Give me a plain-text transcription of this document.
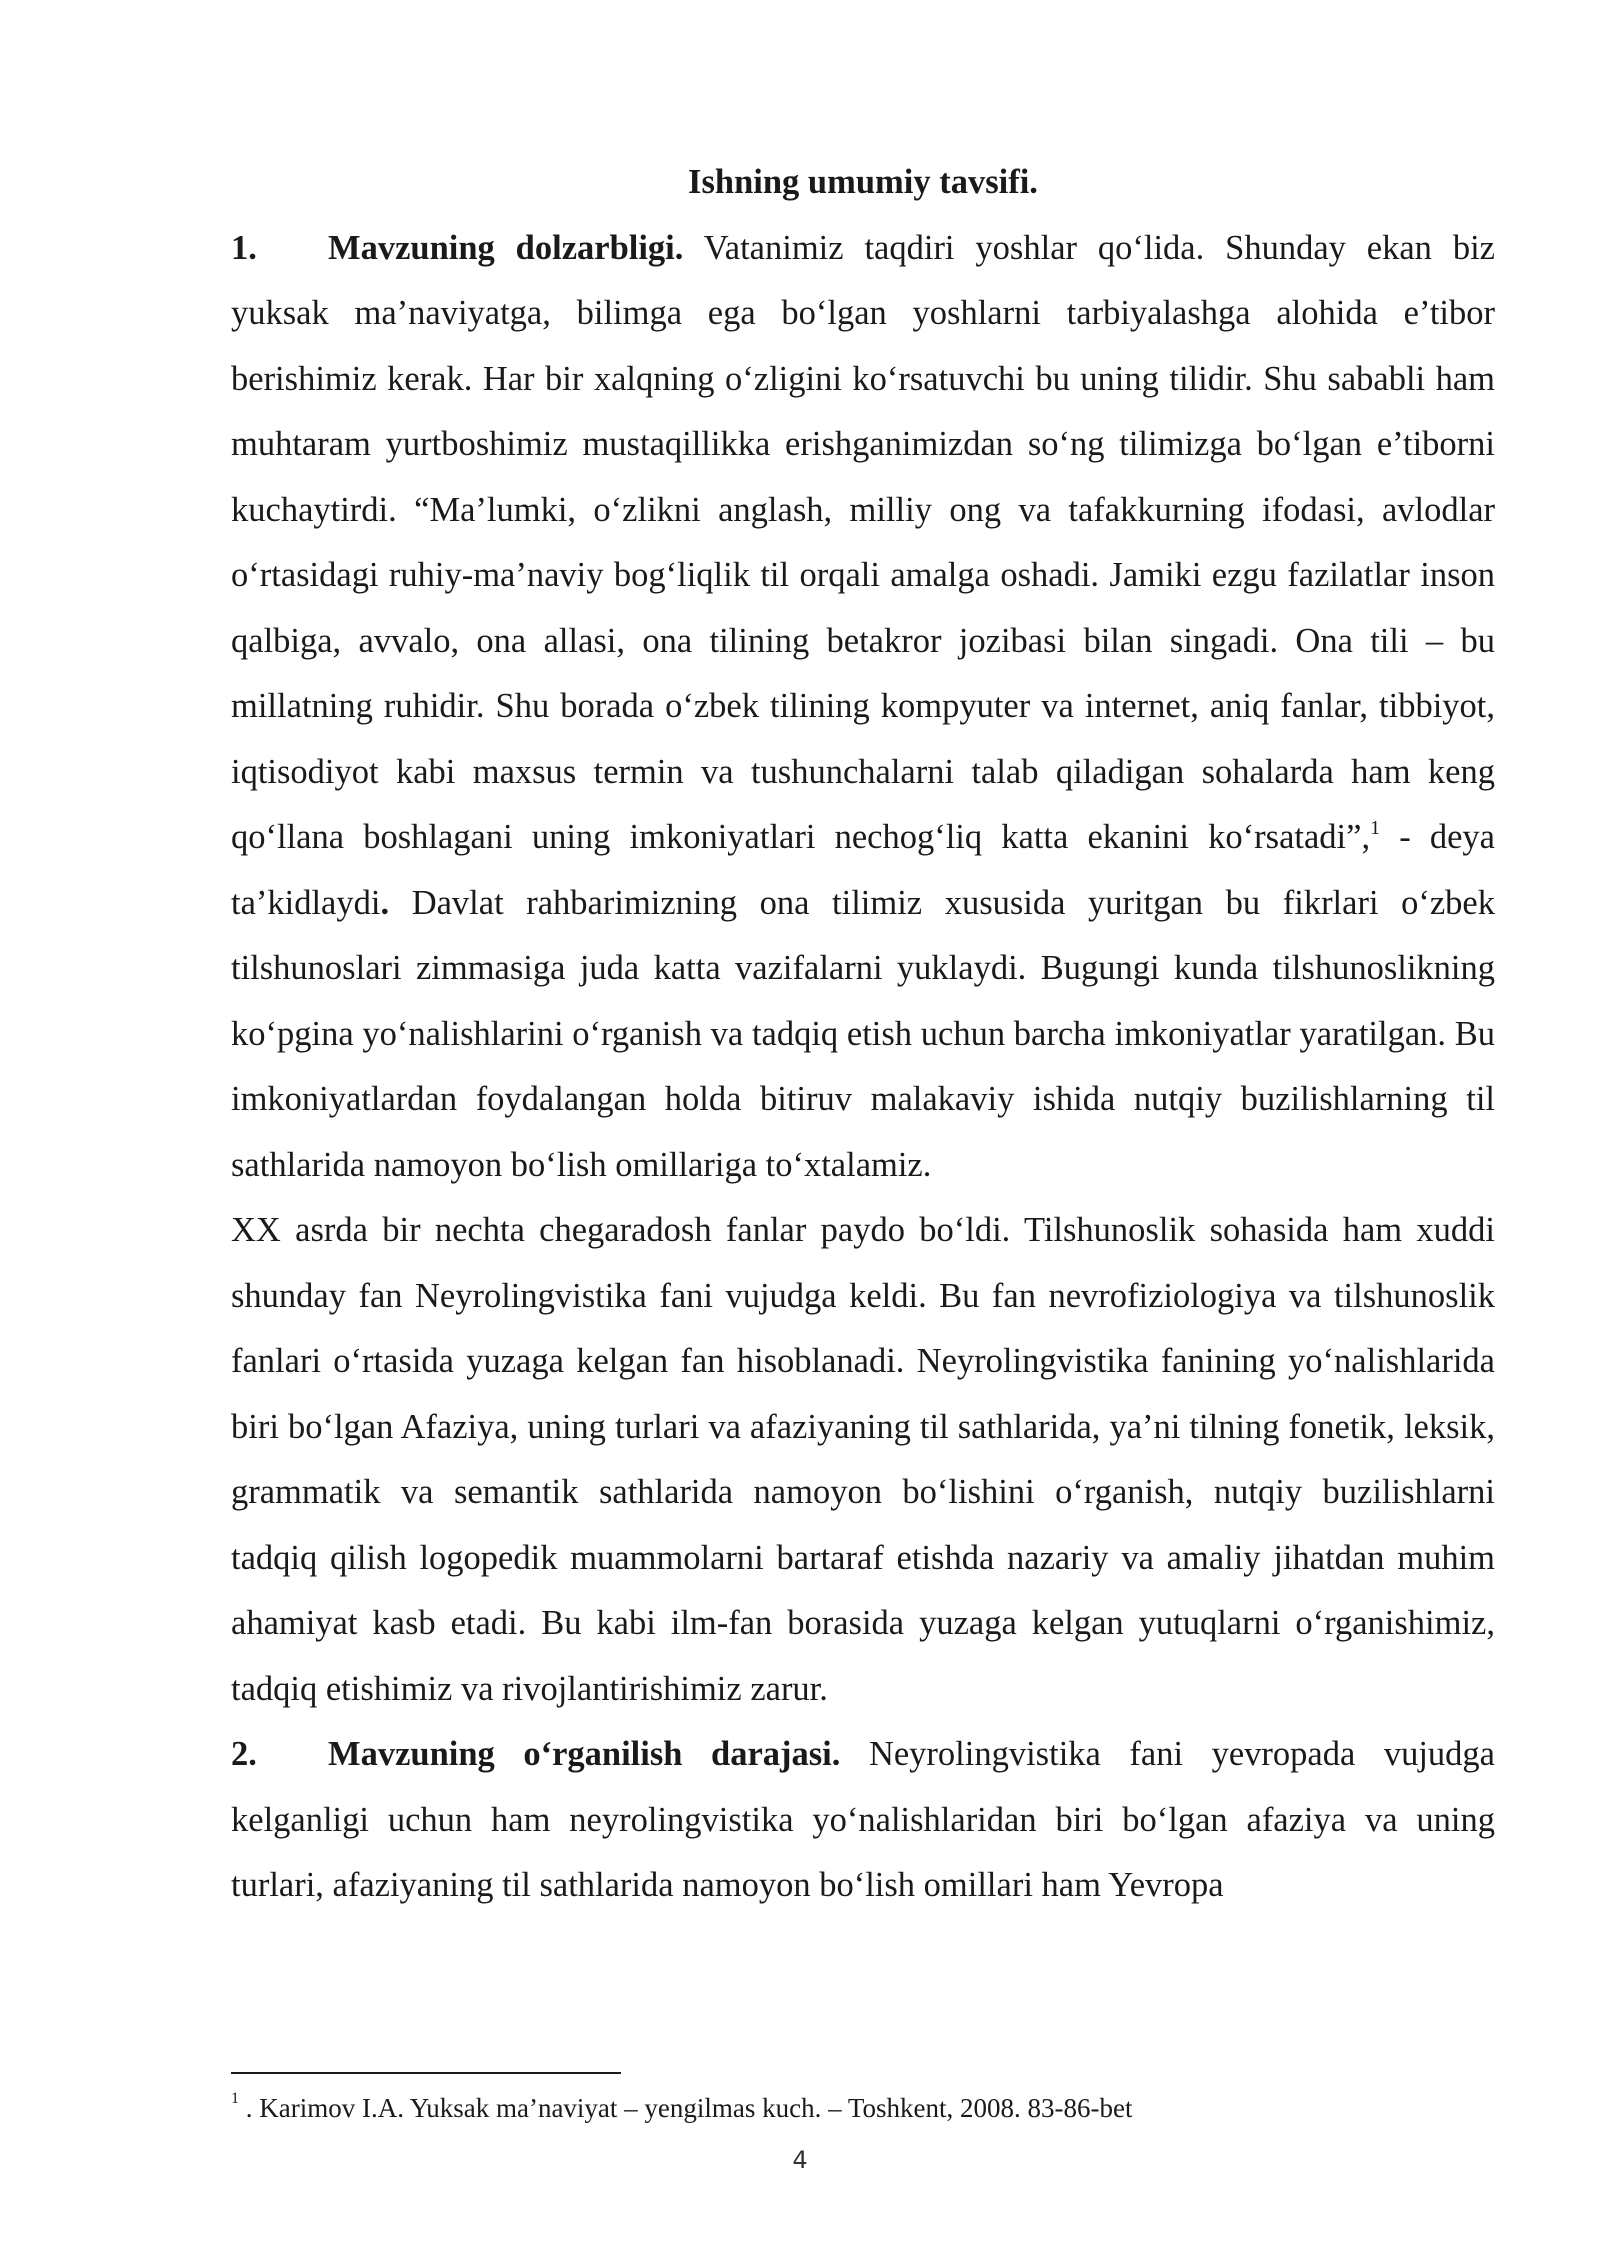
Ishning umumiy tavsifi.

1. Mavzuning dolzarbligi. Vatanimiz taqdiri yoshlar qo‘lida. Shunday ekan biz yuksak ma’naviyatga, bilimga ega bo‘lgan yoshlarni tarbiyalashga alohida e’tibor berishimiz kerak. Har bir xalqning o‘zligini ko‘rsatuvchi bu uning tilidir. Shu sababli ham muhtaram yurtboshimiz mustaqillikka erishganimizdan so‘ng tilimizga bo‘lgan e’tiborni kuchaytirdi. “Ma’lumki, o‘zlikni anglash, milliy ong va tafakkurning ifodasi, avlodlar o‘rtasidagi ruhiy-ma’naviy bog‘liqlik til orqali amalga oshadi. Jamiki ezgu fazilatlar inson qalbiga, avvalo, ona allasi, ona tilining betakror jozibasi bilan singadi. Ona tili – bu millatning ruhidir. Shu borada o‘zbek tilining kompyuter va internet, aniq fanlar, tibbiyot, iqtisodiyot kabi maxsus termin va tushunchalarni talab qiladigan sohalarda ham keng qo‘llana boshlagani uning imkoniyatlari nechog‘liq katta ekanini ko‘rsatadi”,$^1$ - deya ta’kidlaydi. Davlat rahbarimizning ona tilimiz xususida yuritgan bu fikrlari o‘zbek tilshunoslari zimmasiga juda katta vazifalarni yuklaydi. Bugungi kunda tilshunoslikning ko‘pgina yo‘nalishlarini o‘rganish va tadqiq etish uchun barcha imkoniyatlar yaratilgan. Bu imkoniyatlardan foydalangan holda bitiruv malakaviy ishida nutqiy buzilishlarning til sathlarida namoyon bo‘lish omillariga to‘xtalamiz.

XX asrda bir nechta chegaradosh fanlar paydo bo‘ldi. Tilshunoslik sohasida ham xuddi shunday fan Neyrolingvistika fani vujudga keldi. Bu fan nevrofiziologiya va tilshunoslik fanlari o‘rtasida yuzaga kelgan fan hisoblanadi. Neyrolingvistika fanining yo‘nalishlarida biri bo‘lgan Afaziya, uning turlari va afaziyaning til sathlarida, ya’ni tilning fonetik, leksik, grammatik va semantik sathlarida namoyon bo‘lishini o‘rganish, nutqiy buzilishlarni tadqiq qilish logopedik muammolarni bartaraf etishda nazariy va amaliy jihatdan muhim ahamiyat kasb etadi. Bu kabi ilm-fan borasida yuzaga kelgan yutuqlarni o‘rganishimiz, tadqiq etishimiz va rivojlantirishimiz zarur.

2. Mavzuning o‘rganilish darajasi. Neyrolingvistika fani yevropada vujudga kelganligi uchun ham neyrolingvistika yo‘nalishlaridan biri bo‘lgan afaziya va uning turlari, afaziyaning til sathlarida namoyon bo‘lish omillari ham Yevropa

$^1$ . Karimov I.A. Yuksak ma’naviyat – yengilmas kuch. – Toshkent, 2008. 83-86-bet
4
